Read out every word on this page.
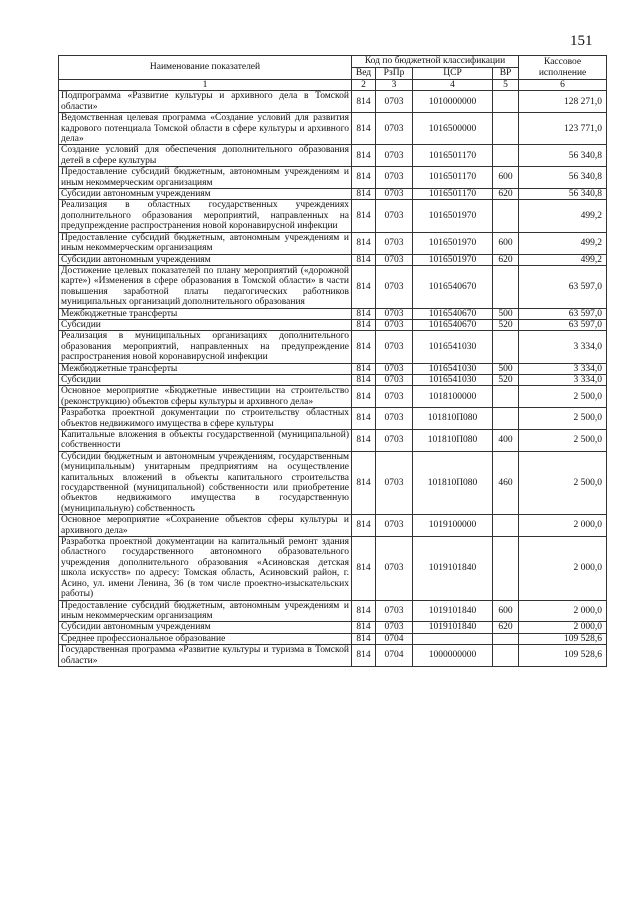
151
Наименование показателей	Код по бюджетной классификации				Кассовое
исполнение

	Вед	РзПр	ЦСР	ВР	
1	2	3	4	5	6
Подпрограмма «Развитие культуры и архивного дела в Томской области»	814	0703	1010000000		128 271,0
Ведомственная целевая программа «Создание условий для развития кадрового потенциала Томской области в сфере культуры и архивного дела»	814	0703	1016500000		123 771,0
Создание условий для обеспечения дополнительного образования детей в сфере культуры	814	0703	1016501170		56 340,8
Предоставление субсидий бюджетным, автономным учреждениям и иным некоммерческим организациям	814	0703	1016501170	600	56 340,8
Субсидии автономным учреждениям	814	0703	1016501170	620	56 340,8
Реализация в областных государственных учреждениях дополнительного образования мероприятий, направленных на предупреждение распространения новой коронавирусной инфекции	814	0703	1016501970		499,2
Предоставление субсидий бюджетным, автономным учреждениям и иным некоммерческим организациям	814	0703	1016501970	600	499,2
Субсидии автономным учреждениям	814	0703	1016501970	620	499,2
Достижение целевых показателей по плану мероприятий («дорожной карте») «Изменения в сфере образования в Томской области» в части повышения заработной платы педагогических работников муниципальных организаций дополнительного образования	814	0703	1016540670		63 597,0
Межбюджетные трансферты	814	0703	1016540670	500	63 597,0
Субсидии	814	0703	1016540670	520	63 597,0
Реализация в муниципальных организациях дополнительного образования мероприятий, направленных на предупреждение распространения новой коронавирусной инфекции	814	0703	1016541030		3 334,0
Межбюджетные трансферты	814	0703	1016541030	500	3 334,0
Субсидии	814	0703	1016541030	520	3 334,0
Основное мероприятие «Бюджетные инвестиции на строительство (реконструкцию) объектов сферы культуры и архивного дела»	814	0703	1018100000		2 500,0
Разработка проектной документации по строительству областных объектов недвижимого имущества в сфере культуры	814	0703	101810П080		2 500,0
Капитальные вложения в объекты государственной (муниципальной) собственности	814	0703	101810П080	400	2 500,0
Субсидии бюджетным и автономным учреждениям, государственным (муниципальным) унитарным предприятиям на осуществление капитальных вложений в объекты капитального строительства государственной (муниципальной) собственности или приобретение объектов недвижимого имущества в государственную (муниципальную) собственность	814	0703	101810П080	460	2 500,0
Основное мероприятие «Сохранение объектов сферы культуры и архивного дела»	814	0703	1019100000		2 000,0
Разработка проектной документации на капитальный ремонт здания областного государственного автономного образовательного учреждения дополнительного образования «Асиновская детская школа искусств» по адресу: Томская область, Асиновский район, г. Асино, ул. имени Ленина, 36 (в том числе проектно-изыскательских работы)	814	0703	1019101840		2 000,0
Предоставление субсидий бюджетным, автономным учреждениям и иным некоммерческим организациям	814	0703	1019101840	600	2 000,0
Субсидии автономным учреждениям	814	0703	1019101840	620	2 000,0
Среднее профессиональное образование	814	0704			109 528,6
Государственная программа «Развитие культуры и туризма в Томской области»	814	0704	1000000000		109 528,6
